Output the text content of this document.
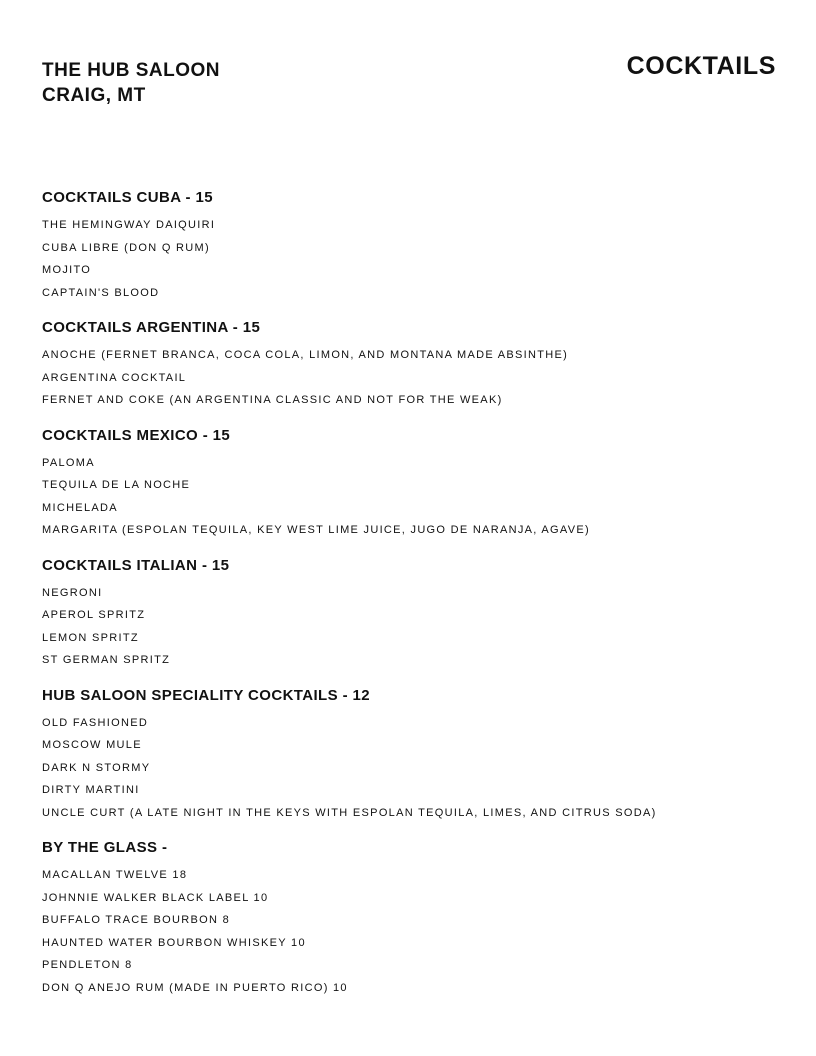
THE HUB SALOON
CRAIG, MT
COCKTAILS
COCKTAILS CUBA - 15
THE HEMINGWAY DAIQUIRI
CUBA LIBRE (DON Q RUM)
MOJITO
CAPTAIN'S BLOOD
COCKTAILS ARGENTINA - 15
ANOCHE (FERNET BRANCA, COCA COLA, LIMON, AND MONTANA MADE ABSINTHE)
ARGENTINA COCKTAIL
FERNET AND COKE (AN ARGENTINA CLASSIC AND NOT FOR THE WEAK)
COCKTAILS MEXICO - 15
PALOMA
TEQUILA DE LA NOCHE
MICHELADA
MARGARITA (ESPOLAN TEQUILA, KEY WEST LIME JUICE, JUGO DE NARANJA, AGAVE)
COCKTAILS ITALIAN - 15
NEGRONI
APEROL SPRITZ
LEMON SPRITZ
ST GERMAN SPRITZ
HUB SALOON SPECIALITY COCKTAILS - 12
OLD FASHIONED
MOSCOW MULE
DARK N STORMY
DIRTY MARTINI
UNCLE CURT (A LATE NIGHT IN THE KEYS WITH ESPOLAN TEQUILA, LIMES, AND CITRUS SODA)
BY THE GLASS -
MACALLAN TWELVE 18
JOHNNIE WALKER BLACK LABEL 10
BUFFALO TRACE BOURBON 8
HAUNTED WATER BOURBON WHISKEY 10
PENDLETON 8
DON Q ANEJO RUM (MADE IN PUERTO RICO) 10
